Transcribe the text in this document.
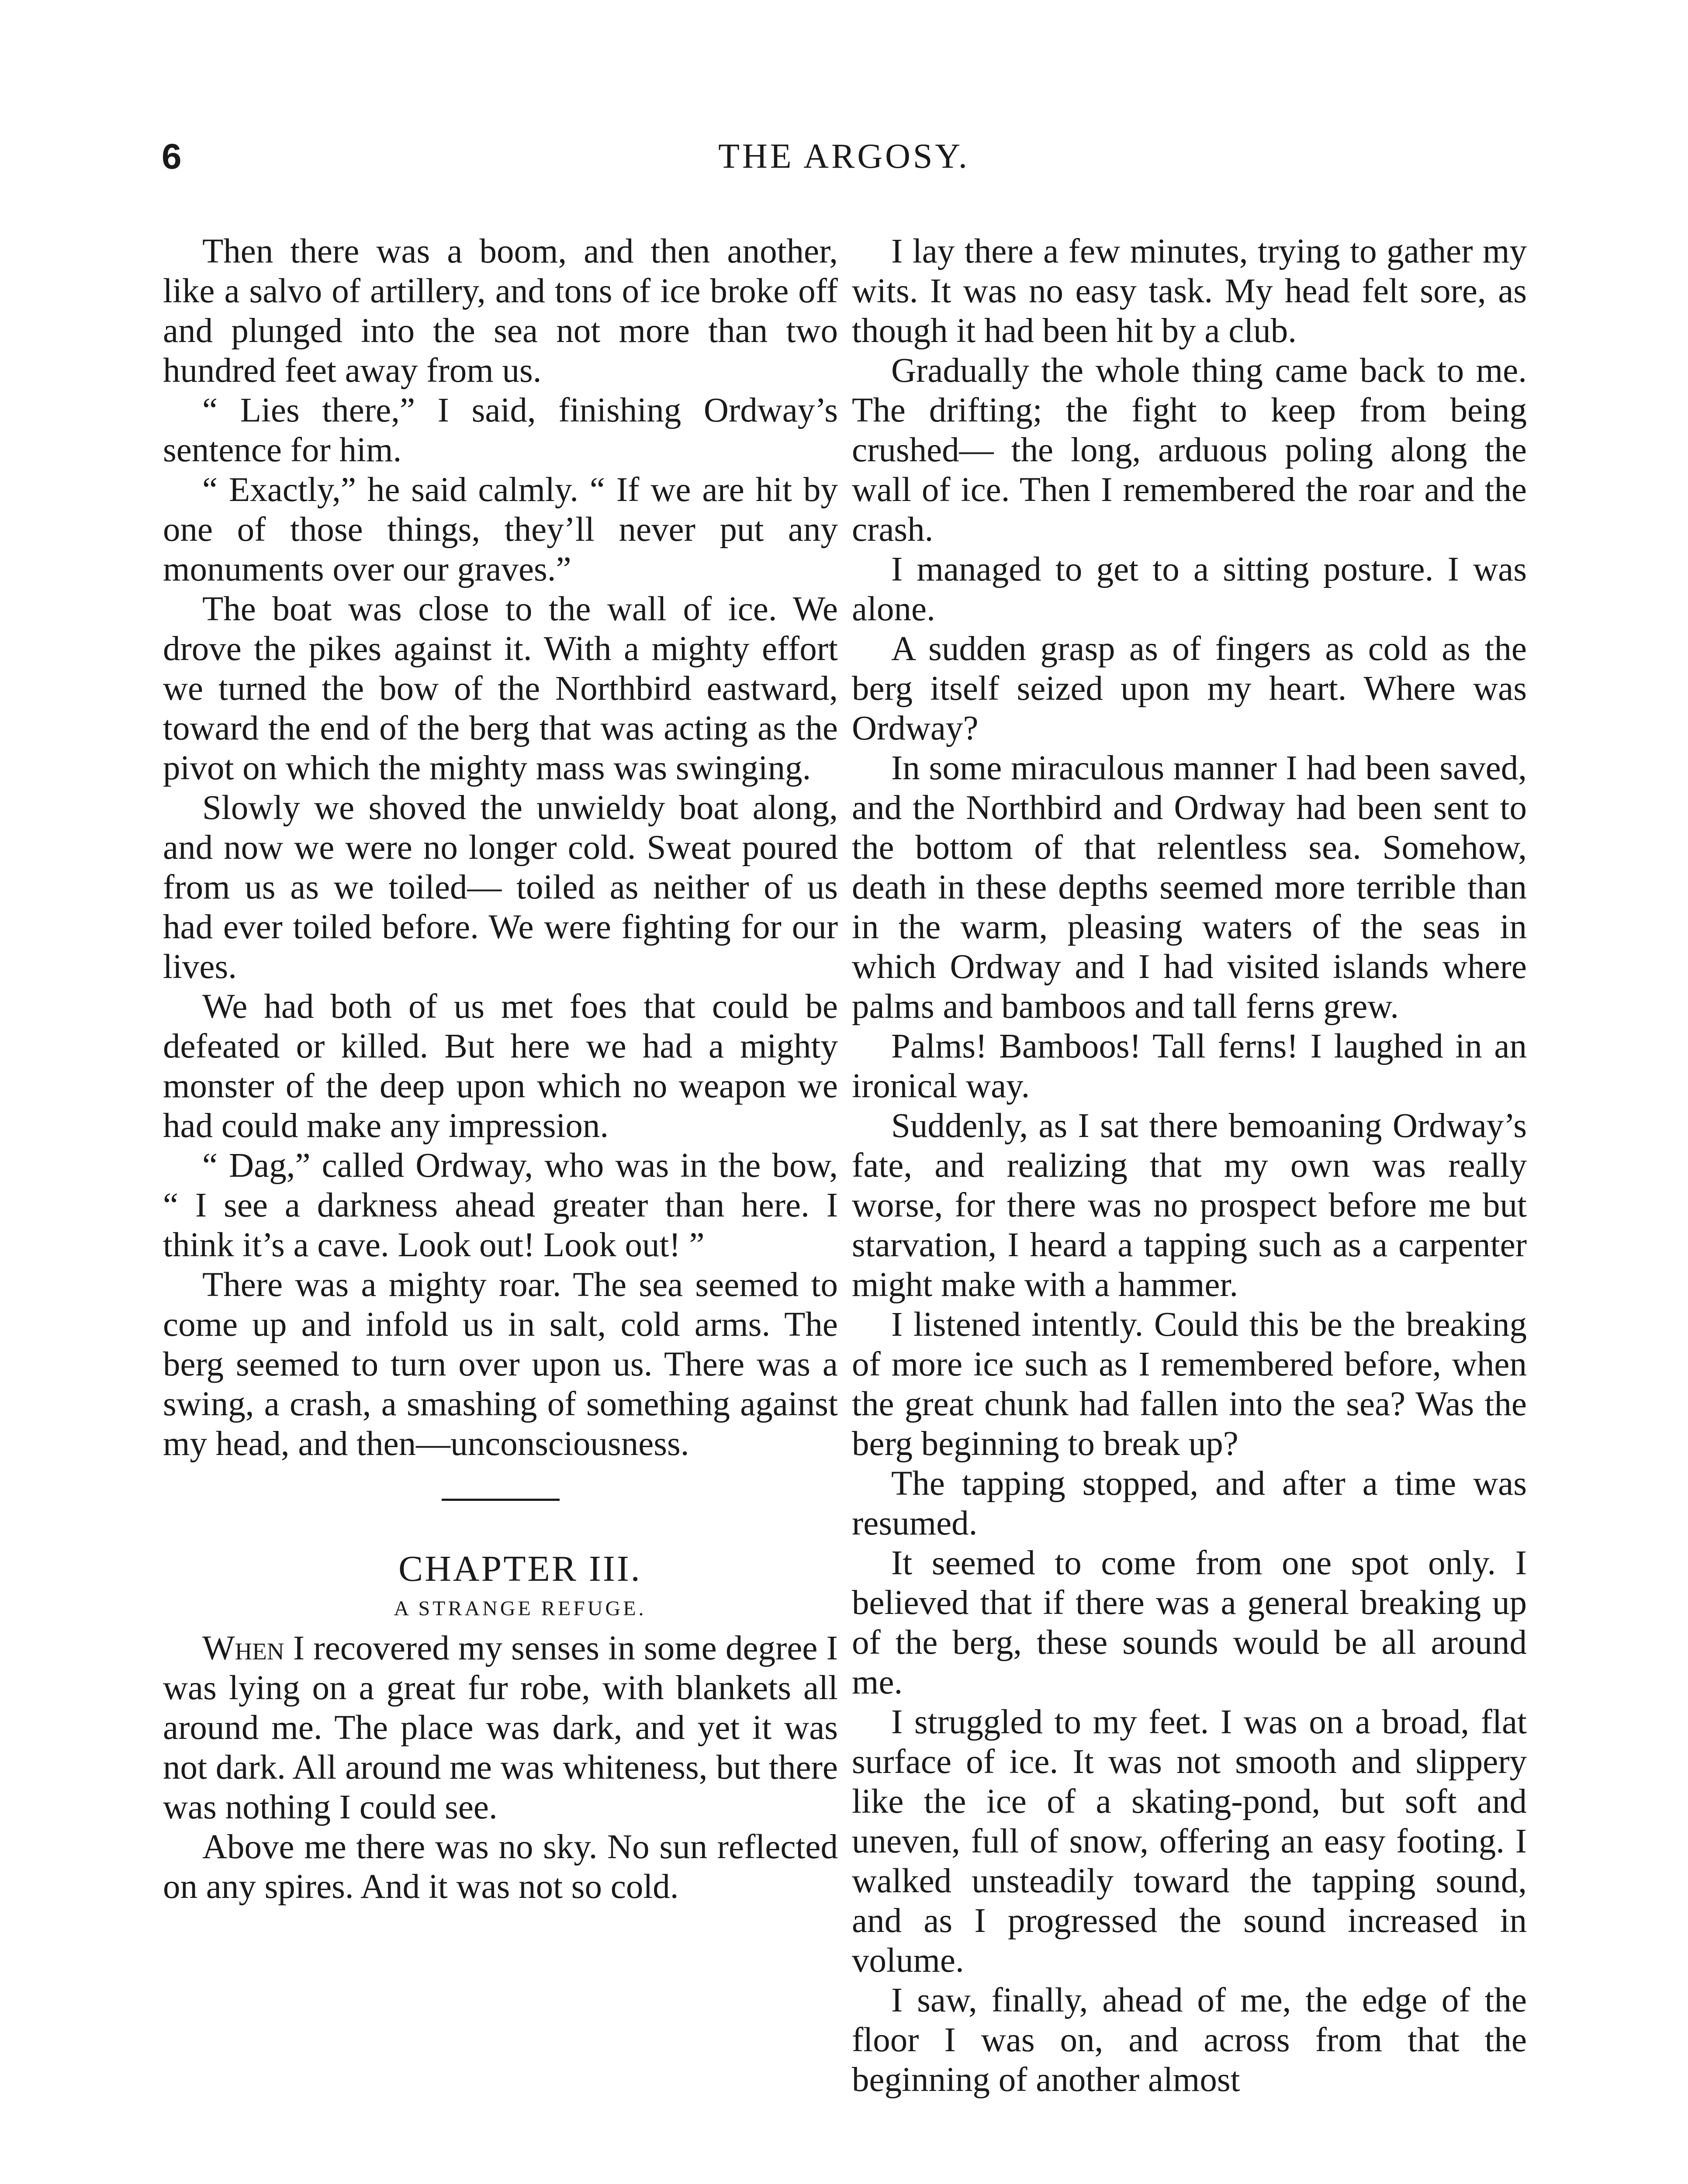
6	THE ARGOSY.

Then there was a boom, and then another, like a salvo of artillery, and tons of ice broke off and plunged into the sea not more than two hundred feet away from us.

“ Lies there,” I said, finishing Ordway’s sentence for him.

“ Exactly,” he said calmly. “ If we are hit by one of those things, they’ll never put any monuments over our graves.”

The boat was close to the wall of ice. We drove the pikes against it. With a mighty effort we turned the bow of the Northbird eastward, toward the end of the berg that was acting as the pivot on which the mighty mass was swinging.

Slowly we shoved the unwieldy boat along, and now we were no longer cold. Sweat poured from us as we toiled— toiled as neither of us had ever toiled before. We were fighting for our lives.

We had both of us met foes that could be defeated or killed. But here we had a mighty monster of the deep upon which no weapon we had could make any impression.

“ Dag,” called Ordway, who was in the bow, “ I see a darkness ahead greater than here. I think it’s a cave. Look out! Look out! ”

There was a mighty roar. The sea seemed to come up and infold us in salt, cold arms. The berg seemed to turn over upon us. There was a swing, a crash, a smashing of something against my head, and then—unconsciousness.

CHAPTER III.

A STRANGE REFUGE.

When I recovered my senses in some degree I was lying on a great fur robe, with blankets all around me. The place was dark, and yet it was not dark. All around me was whiteness, but there was nothing I could see.

Above me there was no sky. No sun reflected on any spires. And it was not so cold.

I lay there a few minutes, trying to gather my wits. It was no easy task. My head felt sore, as though it had been hit by a club.

Gradually the whole thing came back to me. The drifting; the fight to keep from being crushed— the long, arduous poling along the wall of ice. Then I remembered the roar and the crash.

I managed to get to a sitting posture. I was alone.

A sudden grasp as of fingers as cold as the berg itself seized upon my heart. Where was Ordway?

In some miraculous manner I had been saved, and the Northbird and Ordway had been sent to the bottom of that relentless sea. Somehow, death in these depths seemed more terrible than in the warm, pleasing waters of the seas in which Ordway and I had visited islands where palms and bamboos and tall ferns grew.

Palms! Bamboos! Tall ferns! I laughed in an ironical way.

Suddenly, as I sat there bemoaning Ordway’s fate, and realizing that my own was really worse, for there was no prospect before me but starvation, I heard a tapping such as a carpenter might make with a hammer.

I listened intently. Could this be the breaking of more ice such as I remembered before, when the great chunk had fallen into the sea? Was the berg beginning to break up?

The tapping stopped, and after a time was resumed.

It seemed to come from one spot only. I believed that if there was a general breaking up of the berg, these sounds would be all around me.

I struggled to my feet. I was on a broad, flat surface of ice. It was not smooth and slippery like the ice of a skating-pond, but soft and uneven, full of snow, offering an easy footing. I walked unsteadily toward the tapping sound, and as I progressed the sound increased in volume.

I saw, finally, ahead of me, the edge of the floor I was on, and across from that the beginning of another almost
